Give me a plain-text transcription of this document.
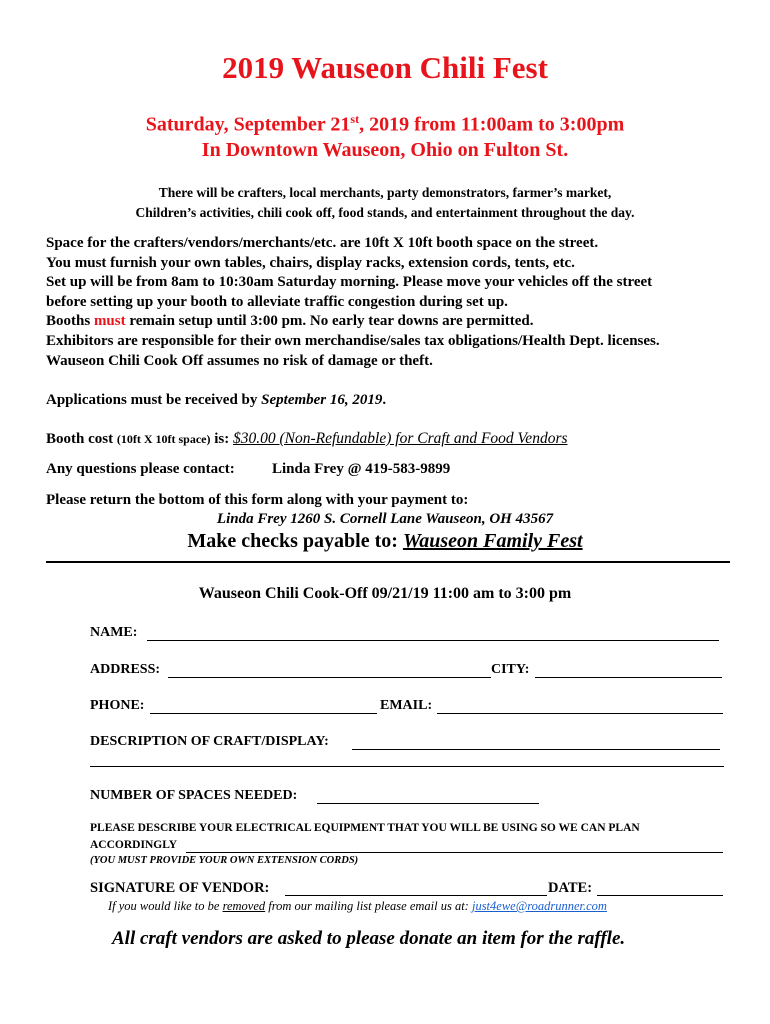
2019 Wauseon Chili Fest
Saturday, September 21st, 2019 from 11:00am to 3:00pm
In Downtown Wauseon, Ohio on Fulton St.
There will be crafters, local merchants, party demonstrators, farmer’s market,
Children’s activities, chili cook off, food stands, and entertainment throughout the day.
Space for the crafters/vendors/merchants/etc. are 10ft X 10ft booth space on the street.
You must furnish your own tables, chairs, display racks, extension cords, tents, etc.
Set up will be from 8am to 10:30am Saturday morning. Please move your vehicles off the street
before setting up your booth to alleviate traffic congestion during set up.
Booths must remain setup until 3:00 pm. No early tear downs are permitted.
Exhibitors are responsible for their own merchandise/sales tax obligations/Health Dept. licenses.
Wauseon Chili Cook Off assumes no risk of damage or theft.
Applications must be received by September 16, 2019.
Booth cost (10ft X 10ft space) is: $30.00 (Non-Refundable) for Craft and Food Vendors
Any questions please contact: Linda Frey @ 419-583-9899
Please return the bottom of this form along with your payment to:
Linda Frey 1260 S. Cornell Lane Wauseon, OH 43567
Make checks payable to: Wauseon Family Fest
Wauseon Chili Cook-Off 09/21/19 11:00 am to 3:00 pm
NAME:
ADDRESS:	CITY:
PHONE:	EMAIL:
DESCRIPTION OF CRAFT/DISPLAY:
NUMBER OF SPACES NEEDED:
PLEASE DESCRIBE YOUR ELECTRICAL EQUIPMENT THAT YOU WILL BE USING SO WE CAN PLAN
ACCORDINGLY
(YOU MUST PROVIDE YOUR OWN EXTENSION CORDS)
SIGNATURE OF VENDOR:	DATE:
If you would like to be removed from our mailing list please email us at: just4ewe@roadrunner.com
All craft vendors are asked to please donate an item for the raffle.
